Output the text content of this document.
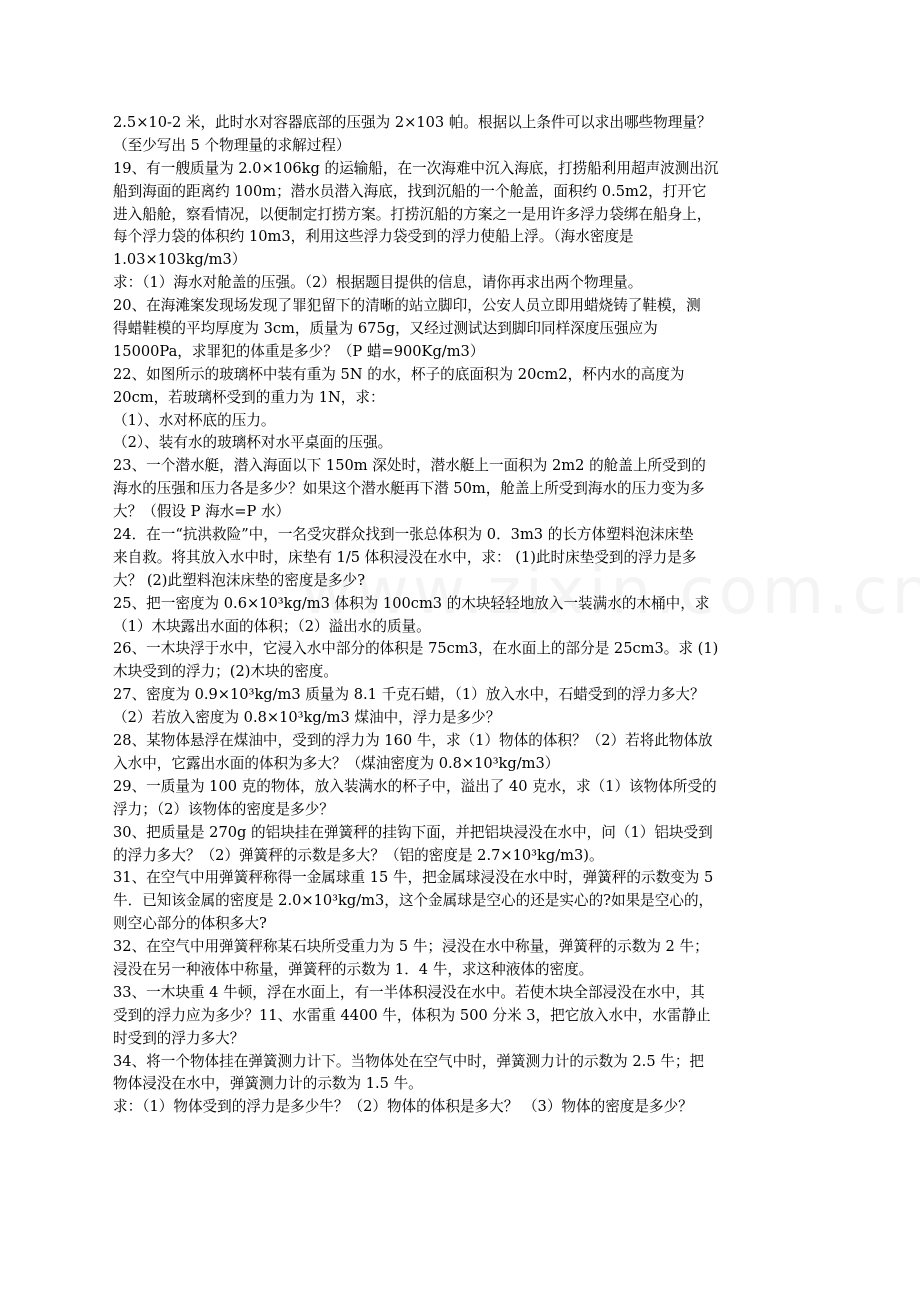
2.5×10-2 米，此时水对容器底部的压强为 2×103 帕。根据以上条件可以求出哪些物理量？
（至少写出 5 个物理量的求解过程）
19、有一艘质量为 2.0×106kg 的运输船，在一次海难中沉入海底，打捞船利用超声波测出沉
船到海面的距离约 100m；潜水员潜入海底，找到沉船的一个舱盖，面积约 0.5m2，打开它
进入船舱，察看情况，以便制定打捞方案。打捞沉船的方案之一是用许多浮力袋绑在船身上，
每个浮力袋的体积约 10m3，利用这些浮力袋受到的浮力使船上浮。（海水密度是
1.03×103kg/m3）
求：（1）海水对舱盖的压强。（2）根据题目提供的信息，请你再求出两个物理量。
20、在海滩案发现场发现了罪犯留下的清晰的站立脚印，公安人员立即用蜡烧铸了鞋模，测
得蜡鞋模的平均厚度为 3cm，质量为 675g，又经过测试达到脚印同样深度压强应为
15000Pa，求罪犯的体重是多少？（P 蜡=900Kg/m3）
22、如图所示的玻璃杯中装有重为 5N 的水，杯子的底面积为 20cm2，杯内水的高度为
20cm，若玻璃杯受到的重力为 1N，求：
（1）、水对杯底的压力。
（2）、装有水的玻璃杯对水平桌面的压强。
23、一个潜水艇，潜入海面以下 150m 深处时，潜水艇上一面积为 2m2 的舱盖上所受到的
海水的压强和压力各是多少？如果这个潜水艇再下潜 50m，舱盖上所受到海水的压力变为多
大？（假设 P 海水=P 水）
24．在一“抗洪救险”中，一名受灾群众找到一张总体积为 0．3m3 的长方体塑料泡沫床垫
来自救。将其放入水中时，床垫有 1/5 体积浸没在水中，求： (1)此时床垫受到的浮力是多
大？ (2)此塑料泡沫床垫的密度是多少?
25、把一密度为 0.6×10³kg/m3 体积为 100cm3 的木块轻轻地放入一装满水的木桶中，求
（1）木块露出水面的体积；（2）溢出水的质量。
26、一木块浮于水中，它浸入水中部分的体积是 75cm3，在水面上的部分是 25cm3。求 (1)
木块受到的浮力；(2)木块的密度。
27、密度为 0.9×10³kg/m3 质量为 8.1 千克石蜡，（1）放入水中，石蜡受到的浮力多大？
（2）若放入密度为 0.8×10³kg/m3 煤油中，浮力是多少？
28、某物体悬浮在煤油中，受到的浮力为 160 牛，求（1）物体的体积？（2）若将此物体放
入水中，它露出水面的体积为多大？（煤油密度为 0.8×10³kg/m3）
29、一质量为 100 克的物体，放入装满水的杯子中，溢出了 40 克水，求（1）该物体所受的
浮力；（2）该物体的密度是多少？
30、把质量是 270g 的铝块挂在弹簧秤的挂钩下面，并把铝块浸没在水中，问（1）铝块受到
的浮力多大？（2）弹簧秤的示数是多大？（铝的密度是 2.7×10³kg/m3)。
31、在空气中用弹簧秤称得一金属球重 15 牛，把金属球浸没在水中时，弹簧秤的示数变为 5
牛．已知该金属的密度是 2.0×10³kg/m3，这个金属球是空心的还是实心的?如果是空心的，
则空心部分的体积多大?
32、在空气中用弹簧秤称某石块所受重力为 5 牛；浸没在水中称量，弹簧秤的示数为 2 牛；
浸没在另一种液体中称量，弹簧秤的示数为 1．4 牛，求这种液体的密度。
33、一木块重 4 牛顿，浮在水面上，有一半体积浸没在水中。若使木块全部浸没在水中，其
受到的浮力应为多少？11、水雷重 4400 牛，体积为 500 分米 3，把它放入水中，水雷静止
时受到的浮力多大？
34、将一个物体挂在弹簧测力计下。当物体处在空气中时，弹簧测力计的示数为 2.5 牛；把
物体浸没在水中，弹簧测力计的示数为 1.5 牛。
求：（1）物体受到的浮力是多少牛？（2）物体的体积是多大？ （3）物体的密度是多少？
